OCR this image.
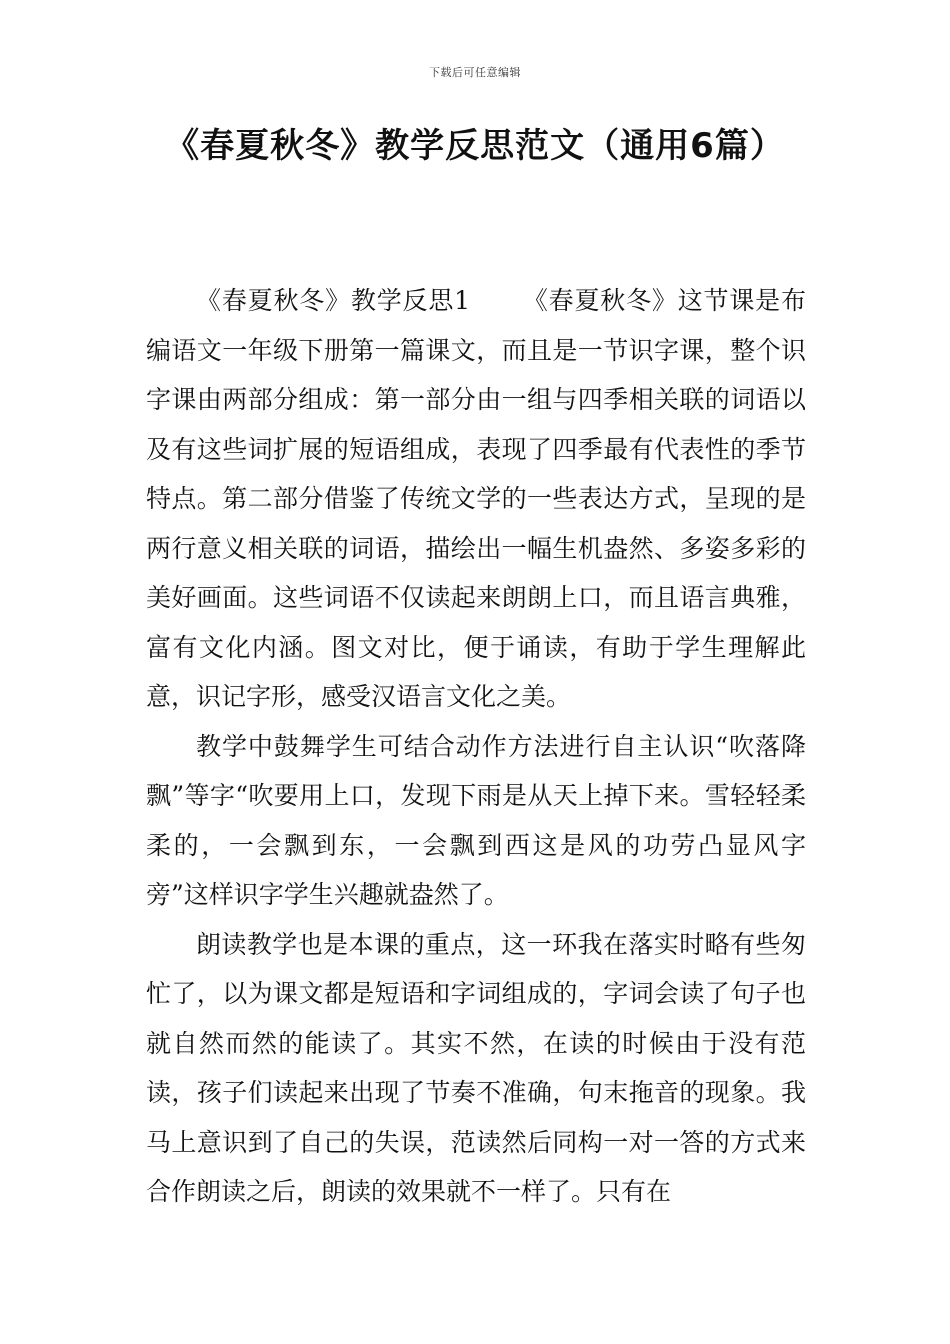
下载后可任意编辑
《春夏秋冬》教学反思范文（通用6篇）

《春夏秋冬》教学反思1 《春夏秋冬》这节课是布编语文一年级下册第一篇课文，而且是一节识字课，整个识字课由两部分组成：第一部分由一组与四季相关联的词语以及有这些词扩展的短语组成，表现了四季最有代表性的季节特点。第二部分借鉴了传统文学的一些表达方式，呈现的是两行意义相关联的词语，描绘出一幅生机盎然、多姿多彩的美好画面。这些词语不仅读起来朗朗上口，而且语言典雅，富有文化内涵。图文对比，便于诵读，有助于学生理解此意，识记字形，感受汉语言文化之美。

教学中鼓舞学生可结合动作方法进行自主认识“吹落降飘”等字“吹要用上口，发现下雨是从天上掉下来。雪轻轻柔柔的，一会飘到东，一会飘到西这是风的功劳凸显风字旁”这样识字学生兴趣就盎然了。

朗读教学也是本课的重点，这一环我在落实时略有些匆忙了，以为课文都是短语和字词组成的，字词会读了句子也就自然而然的能读了。其实不然，在读的时候由于没有范读，孩子们读起来出现了节奏不准确，句末拖音的现象。我马上意识到了自己的失误，范读然后同构一对一答的方式来合作朗读之后，朗读的效果就不一样了。只有在
